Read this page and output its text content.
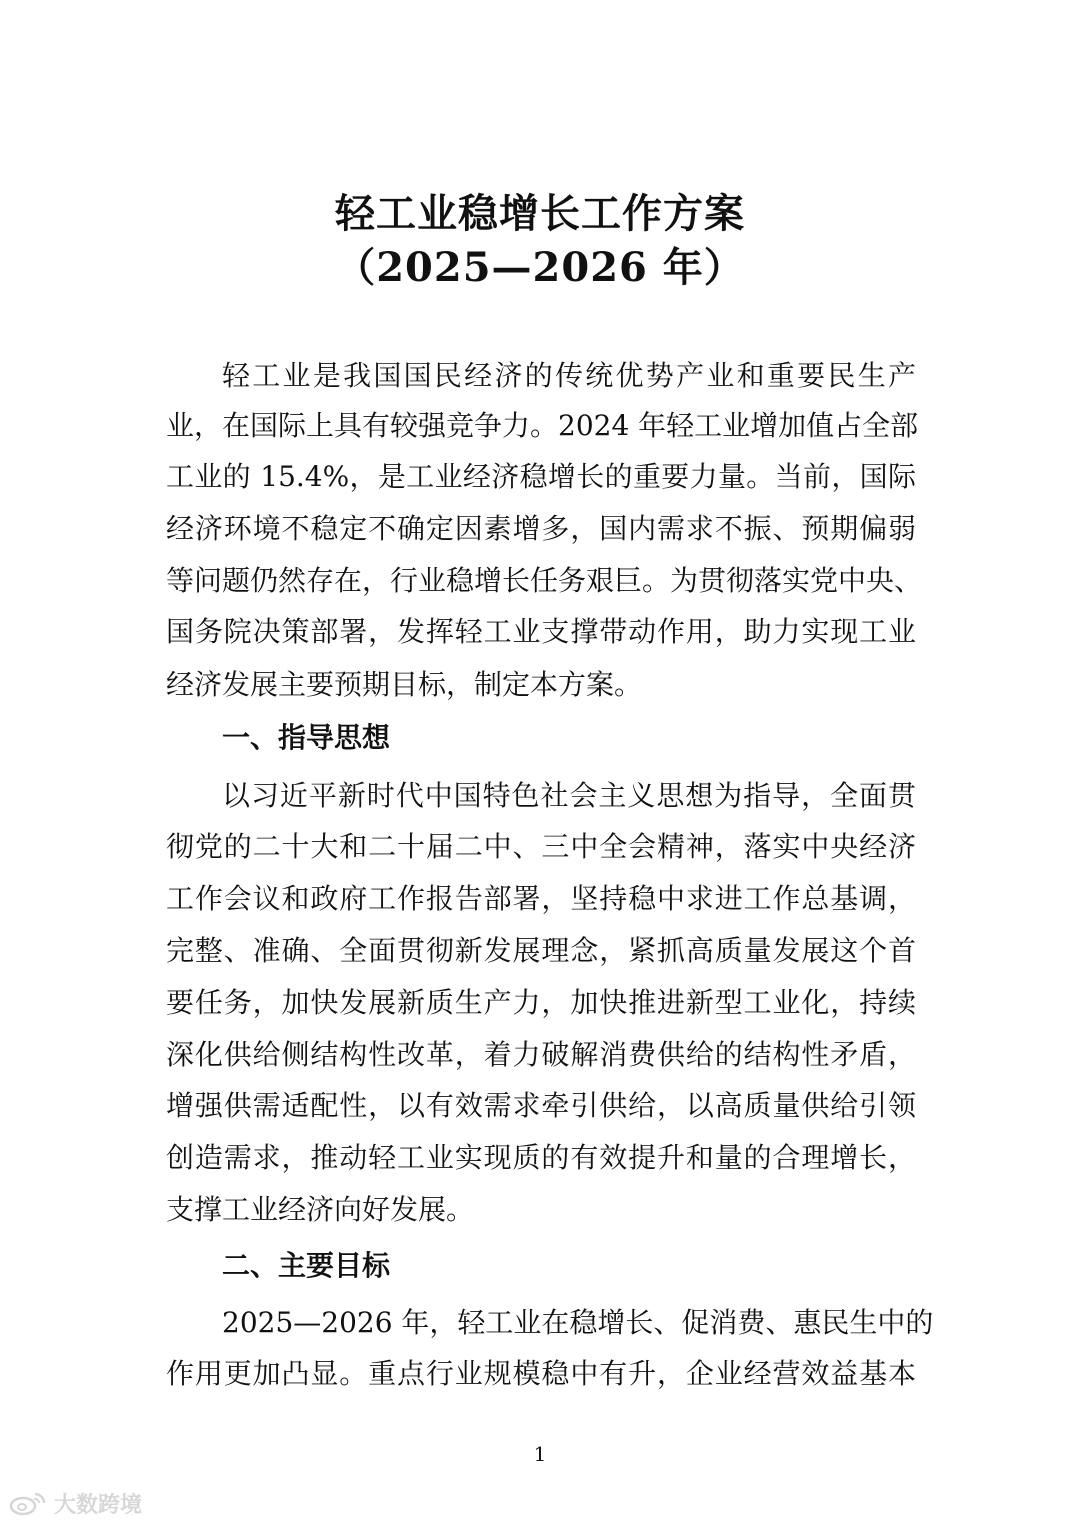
轻工业稳增长工作方案
（2025—2026 年）
轻工业是我国国民经济的传统优势产业和重要民生产
业，在国际上具有较强竞争力。2024 年轻工业增加值占全部
工业的 15.4%，是工业经济稳增长的重要力量。当前，国际
经济环境不稳定不确定因素增多，国内需求不振、预期偏弱
等问题仍然存在，行业稳增长任务艰巨。为贯彻落实党中央、
国务院决策部署，发挥轻工业支撑带动作用，助力实现工业
经济发展主要预期目标，制定本方案。
一、指导思想
以习近平新时代中国特色社会主义思想为指导，全面贯
彻党的二十大和二十届二中、三中全会精神，落实中央经济
工作会议和政府工作报告部署，坚持稳中求进工作总基调，
完整、准确、全面贯彻新发展理念，紧抓高质量发展这个首
要任务，加快发展新质生产力，加快推进新型工业化，持续
深化供给侧结构性改革，着力破解消费供给的结构性矛盾，
增强供需适配性，以有效需求牵引供给，以高质量供给引领
创造需求，推动轻工业实现质的有效提升和量的合理增长，
支撑工业经济向好发展。
二、主要目标
2025—2026 年，轻工业在稳增长、促消费、惠民生中的
作用更加凸显。重点行业规模稳中有升，企业经营效益基本
1
大数跨境
